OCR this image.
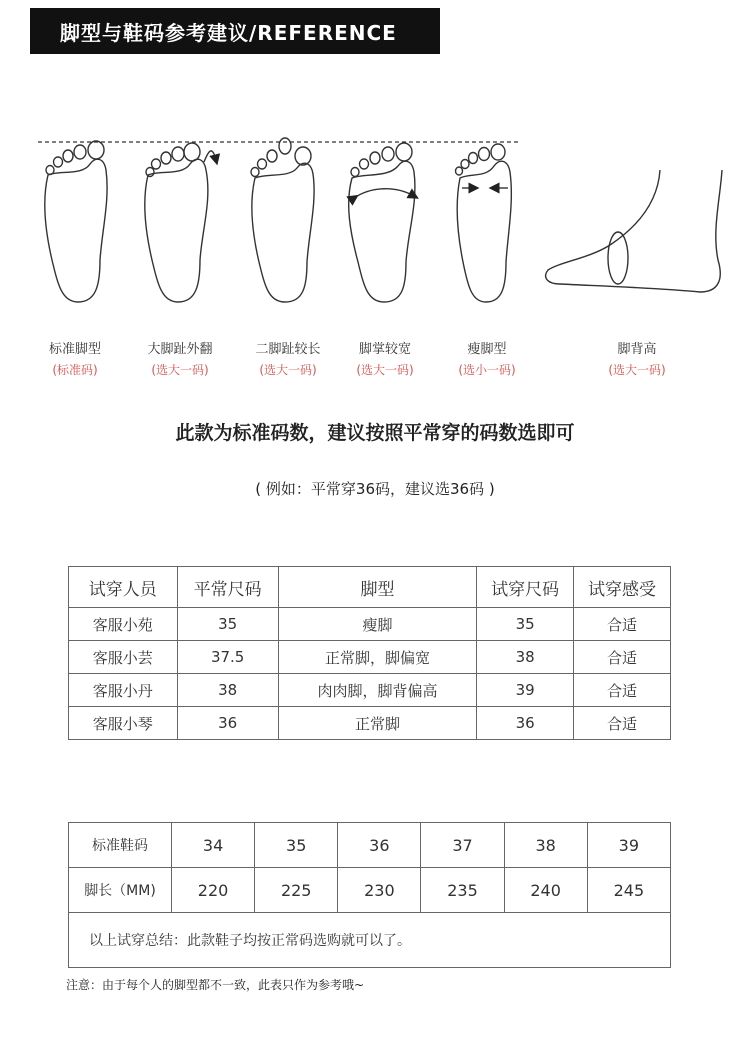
脚型与鞋码参考建议/REFERENCE
标准脚型
(标准码)
大脚趾外翻
(选大一码)
二脚趾较长
(选大一码)
脚掌较宽
(选大一码)
瘦脚型
(选小一码)
脚背高
(选大一码)
此款为标准码数，建议按照平常穿的码数选即可
( 例如：平常穿36码，建议选36码 )
试穿人员	平常尺码	脚型	试穿尺码	试穿感受
客服小苑	35	瘦脚	35	合适
客服小芸	37.5	正常脚，脚偏宽	38	合适
客服小丹	38	肉肉脚，脚背偏高	39	合适
客服小琴	36	正常脚	36	合适
标准鞋码	34	35	36	37	38	39
脚长（MM)	220	225	230	235	240	245
以上试穿总结：此款鞋子均按正常码选购就可以了。						
注意：由于每个人的脚型都不一致，此表只作为参考哦~
